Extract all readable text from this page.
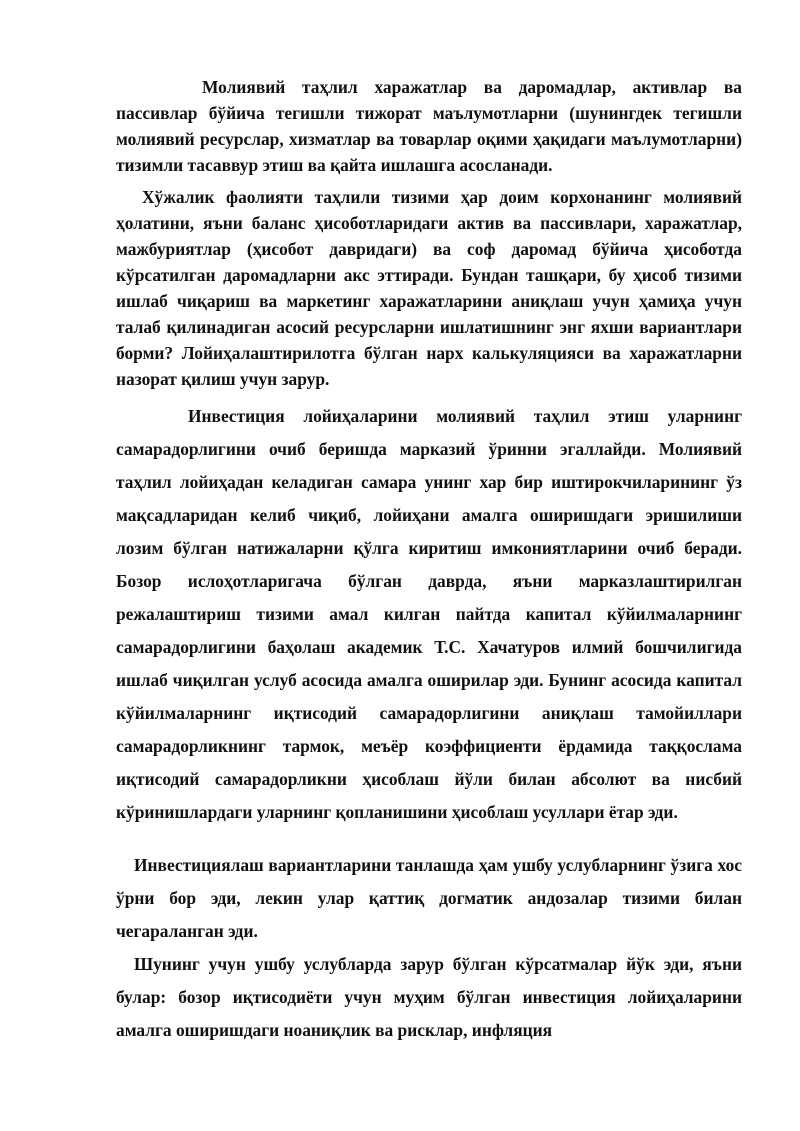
Молиявий таҳлил харажатлар ва даромадлар, активлар ва пассивлар бўйича тегишли тижорат маълумотларни (шунингдек тегишли молиявий ресурслар, хизматлар ва товарлар оқими ҳақидаги маълумотларни) тизимли тасаввур этиш ва қайта ишлашга асосланади.

Хўжалик фаолияти таҳлили тизими ҳар доим корхонанинг молиявий ҳолатини, яъни баланс ҳисоботларидаги актив ва пассивлари, харажатлар, мажбуриятлар (ҳисобот давридаги) ва соф даромад бўйича ҳисоботда кўрсатилган даромадларни акс эттиради. Бундан ташқари, бу ҳисоб тизими ишлаб чиқариш ва маркетинг харажатларини аниқлаш учун ҳамиҳа учун талаб қилинадиган асосий ресурсларни ишлатишнинг энг яхши вариантлари борми? Лойиҳалаштирилотга бўлган нарх калькуляцияси ва харажатларни назорат қилиш учун зарур.

Инвестиция лойиҳаларини молиявий таҳлил этиш уларнинг самарадорлигини очиб беришда марказий ўринни эгаллайди. Молиявий таҳлил лойиҳадан келадиган самара унинг хар бир иштирокчиларининг ўз мақсадларидан келиб чиқиб, лойиҳани амалга оширишдаги эришилиши лозим бўлган натижаларни қўлга киритиш имкониятларини очиб беради. Бозор ислоҳотларигача бўлган даврда, яъни марказлаштирилган режалаштириш тизими амал килган пайтда капитал кўйилмаларнинг самарадорлигини баҳолаш академик Т.С. Хачатуров илмий бошчилигида ишлаб чиқилган услуб асосида амалга оширилар эди. Бунинг асосида капитал кўйилмаларнинг иқтисодий самарадорлигини аниқлаш тамойиллари самарадорликнинг тармок, меъёр коэффициенти ёрдамида таққослама иқтисодий самарадорликни ҳисоблаш йўли билан абсолют ва нисбий кўринишлардаги уларнинг қопланишини ҳисоблаш усуллари ётар эди.

Инвестициялаш вариантларини танлашда ҳам ушбу услубларнинг ўзига хос ўрни бор эди, лекин улар қаттиқ догматик андозалар тизими билан чегараланган эди.

Шунинг учун ушбу услубларда зарур бўлган кўрсатмалар йўк эди, яъни булар: бозор иқтисодиёти учун муҳим бўлган инвестиция лойиҳаларини амалга оширишдаги ноаниқлик ва рисклар, инфляция
